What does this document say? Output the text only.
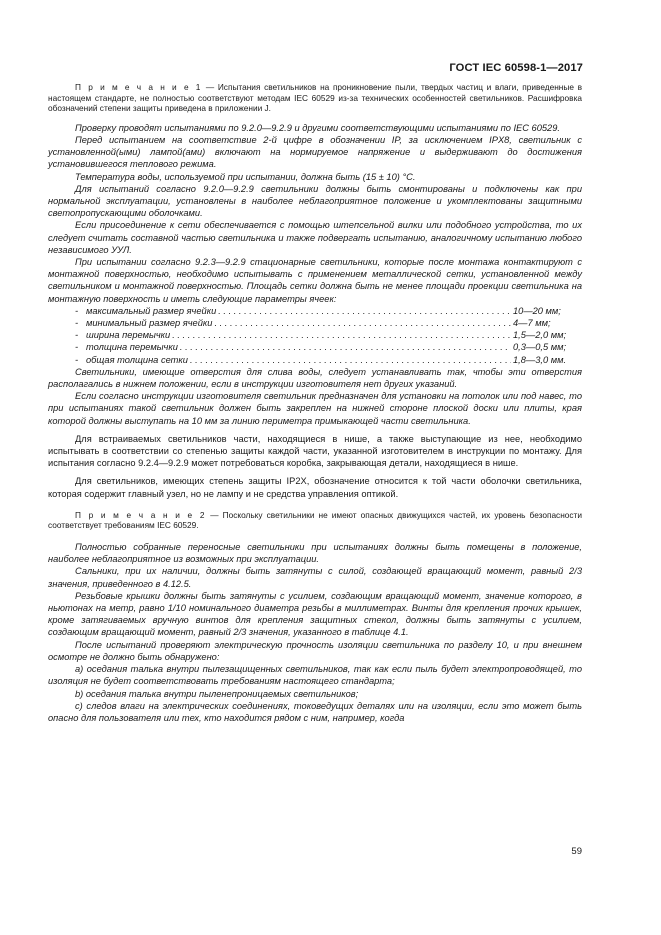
ГОСТ IEC 60598-1—2017

П р и м е ч а н и е 1 — Испытания светильников на проникновение пыли, твердых частиц и влаги, приведенные в настоящем стандарте, не полностью соответствуют методам IEC 60529 из-за технических особенностей светильников. Расшифровка обозначений степени защиты приведена в приложении J.

Проверку проводят испытаниями по 9.2.0—9.2.9 и другими соответствующими испытаниями по IEC 60529.

Перед испытанием на соответствие 2-й цифре в обозначении IP, за исключением IPX8, светильник с установленной(ыми) лампой(ами) включают на нормируемое напряжение и выдерживают до достижения установившегося теплового режима.

Температура воды, используемой при испытании, должна быть (15 ± 10) °C.

Для испытаний согласно 9.2.0—9.2.9 светильники должны быть смонтированы и подключены как при нормальной эксплуатации, установлены в наиболее неблагоприятное положение и укомплектованы защитными светопропускающими оболочками.

Если присоединение к сети обеспечивается с помощью штепсельной вилки или подобного устройства, то их следует считать составной частью светильника и также подвергать испытанию, аналогичному испытанию любого независимого УУЛ.

При испытании согласно 9.2.3—9.2.9 стационарные светильники, которые после монтажа контактируют с монтажной поверхностью, необходимо испытывать с применением металлической сетки, установленной между светильником и монтажной поверхностью. Площадь сетки должна быть не менее площади проекции светильника на монтажную поверхность и иметь следующие параметры ячеек:

- максимальный размер ячейки . . .	10—20 мм;
- минимальный размер ячейки . . .	4—7 мм;
- ширина перемычки . . .	1,5—2,0 мм;
- толщина перемычки . . .	0,3—0,5 мм;
- общая толщина сетки . . .	1,8—3,0 мм.

Светильники, имеющие отверстия для слива воды, следует устанавливать так, чтобы эти отверстия располагались в нижнем положении, если в инструкции изготовителя нет других указаний.

Если согласно инструкции изготовителя светильник предназначен для установки на потолок или под навес, то при испытаниях такой светильник должен быть закреплен на нижней стороне плоской доски или плиты, края которой должны выступать на 10 мм за линию периметра примыкающей части светильника.

Для встраиваемых светильников части, находящиеся в нише, а также выступающие из нее, необходимо испытывать в соответствии со степенью защиты каждой части, указанной изготовителем в инструкции по монтажу. Для испытания согласно 9.2.4—9.2.9 может потребоваться коробка, закрывающая детали, находящиеся в нише.

Для светильников, имеющих степень защиты IP2X, обозначение относится к той части оболочки светильника, которая содержит главный узел, но не лампу и не средства управления оптикой.

П р и м е ч а н и е 2 — Поскольку светильники не имеют опасных движущихся частей, их уровень безопасности соответствует требованиям IEC 60529.

Полностью собранные переносные светильники при испытаниях должны быть помещены в положение, наиболее неблагоприятное из возможных при эксплуатации.

Сальники, при их наличии, должны быть затянуты с силой, создающей вращающий момент, равный 2/3 значения, приведенного в 4.12.5.

Резьбовые крышки должны быть затянуты с усилием, создающим вращающий момент, значение которого, в ньютонах на метр, равно 1/10 номинального диаметра резьбы в миллиметрах. Винты для крепления прочих крышек, кроме затягиваемых вручную винтов для крепления защитных стекол, должны быть затянуты с усилием, создающим вращающий момент, равный 2/3 значения, указанного в таблице 4.1.

После испытаний проверяют электрическую прочность изоляции светильника по разделу 10, и при внешнем осмотре не должно быть обнаружено:

a) оседания талька внутри пылезащищенных светильников, так как если пыль будет электропроводящей, то изоляция не будет соответствовать требованиям настоящего стандарта;

b) оседания талька внутри пыленепроницаемых светильников;

c) следов влаги на электрических соединениях, токоведущих деталях или на изоляции, если это может быть опасно для пользователя или тех, кто находится рядом с ним, например, когда

59
